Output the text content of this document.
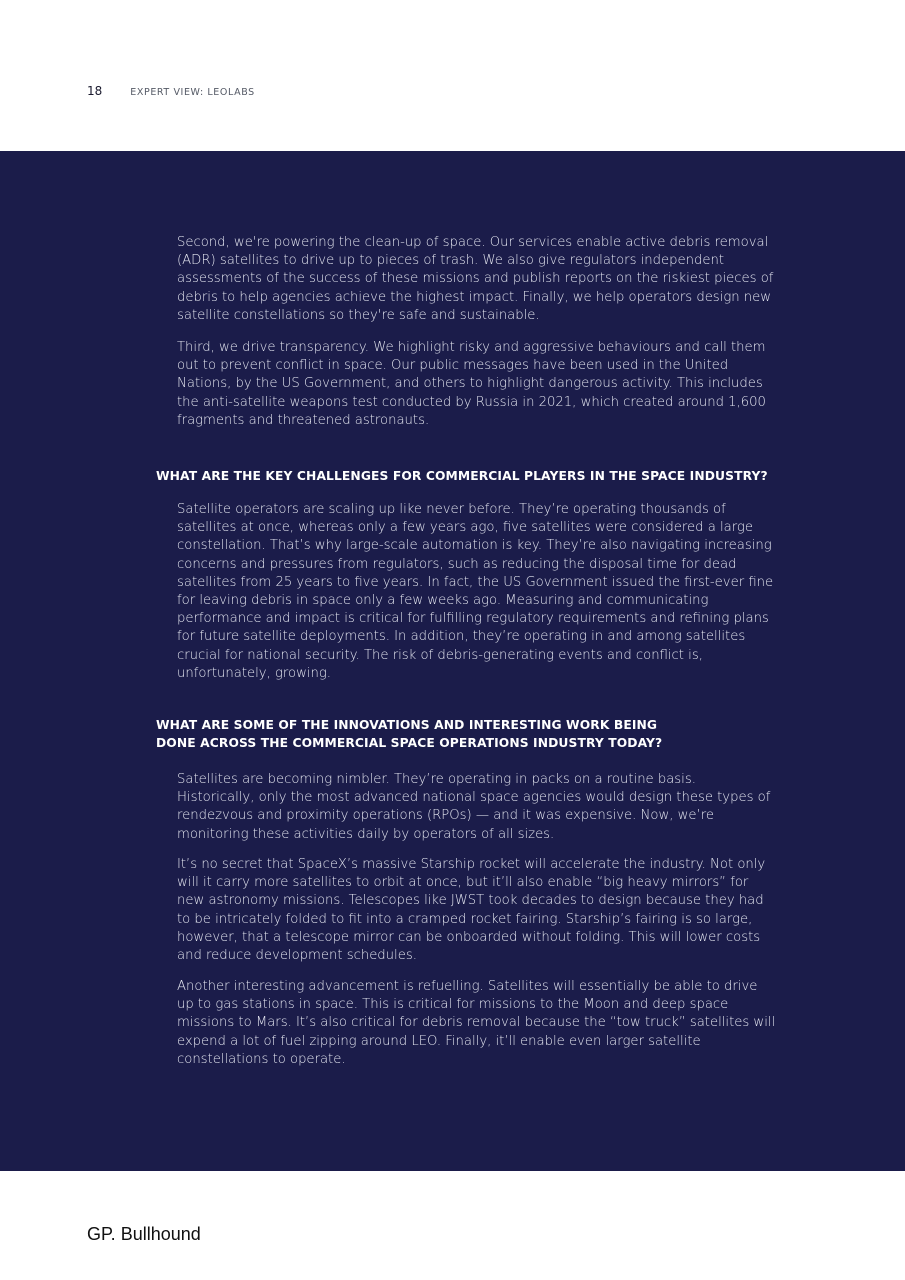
18	EXPERT VIEW: LEOLABS

Second, we're powering the clean-up of space. Our services enable active debris removal (ADR) satellites to drive up to pieces of trash. We also give regulators independent assessments of the success of these missions and publish reports on the riskiest pieces of debris to help agencies achieve the highest impact. Finally, we help operators design new satellite constellations so they're safe and sustainable.

Third, we drive transparency. We highlight risky and aggressive behaviours and call them out to prevent conflict in space. Our public messages have been used in the United Nations, by the US Government, and others to highlight dangerous activity. This includes the anti-satellite weapons test conducted by Russia in 2021, which created around 1,600 fragments and threatened astronauts.

WHAT ARE THE KEY CHALLENGES FOR COMMERCIAL PLAYERS IN THE SPACE INDUSTRY?

Satellite operators are scaling up like never before. They’re operating thousands of satellites at once, whereas only a few years ago, five satellites were considered a large constellation. That’s why large-scale automation is key. They’re also navigating increasing concerns and pressures from regulators, such as reducing the disposal time for dead satellites from 25 years to five years. In fact, the US Government issued the first-ever fine for leaving debris in space only a few weeks ago. Measuring and communicating performance and impact is critical for fulfilling regulatory requirements and refining plans for future satellite deployments. In addition, they’re operating in and among satellites crucial for national security. The risk of debris-generating events and conflict is, unfortunately, growing.

WHAT ARE SOME OF THE INNOVATIONS AND INTERESTING WORK BEING DONE ACROSS THE COMMERCIAL SPACE OPERATIONS INDUSTRY TODAY?

Satellites are becoming nimbler. They’re operating in packs on a routine basis. Historically, only the most advanced national space agencies would design these types of rendezvous and proximity operations (RPOs) — and it was expensive. Now, we’re monitoring these activities daily by operators of all sizes.

It’s no secret that SpaceX’s massive Starship rocket will accelerate the industry. Not only will it carry more satellites to orbit at once, but it’ll also enable “big heavy mirrors” for new astronomy missions. Telescopes like JWST took decades to design because they had to be intricately folded to fit into a cramped rocket fairing. Starship’s fairing is so large, however, that a telescope mirror can be onboarded without folding. This will lower costs and reduce development schedules.

Another interesting advancement is refuelling. Satellites will essentially be able to drive up to gas stations in space. This is critical for missions to the Moon and deep space missions to Mars. It’s also critical for debris removal because the “tow truck” satellites will expend a lot of fuel zipping around LEO. Finally, it’ll enable even larger satellite constellations to operate.

GP. Bullhound
